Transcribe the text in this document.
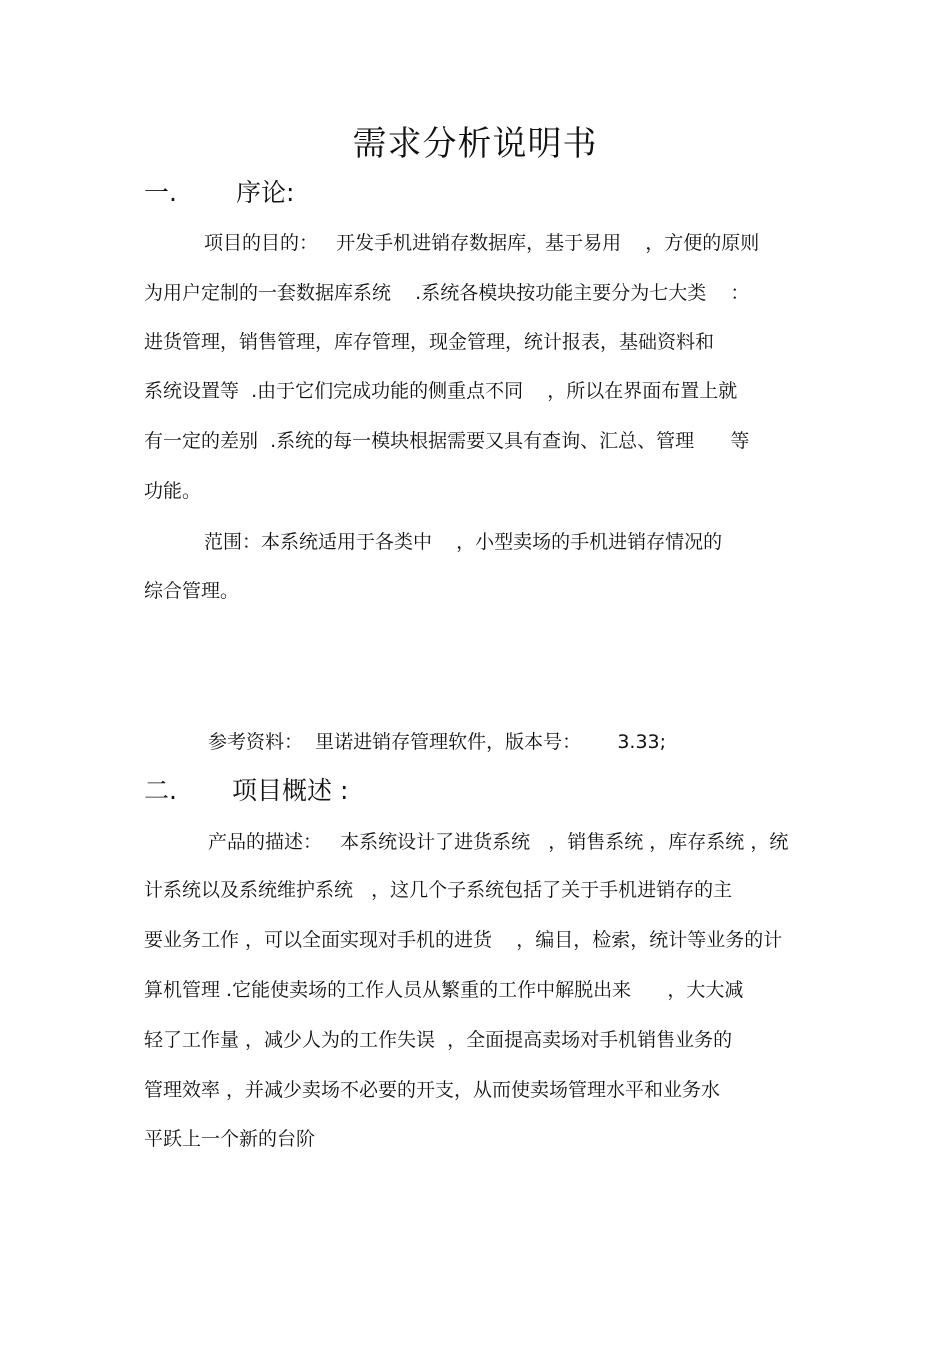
需求分析说明书
一. 序论:
项目的目的：   开发手机进销存数据库，基于易用    ，方便的原则
为用户定制的一套数据库系统    .系统各模块按功能主要分为七大类    ：
进货管理，销售管理，库存管理，现金管理，统计报表，基础资料和
系统设置等  .由于它们完成功能的侧重点不同    ，所以在界面布置上就
有一定的差别  .系统的每一模块根据需要又具有查询、汇总、管理      等
功能。
范围：本系统适用于各类中    ，小型卖场的手机进销存情况的
综合管理。
参考资料：  里诺进销存管理软件，版本号：      3.33;
二. 项目概述 :
产品的描述：   本系统设计了进货系统   ，销售系统 ，库存系统 ，统
计系统以及系统维护系统   ，这几个子系统包括了关于手机进销存的主
要业务工作 ，可以全面实现对手机的进货    ，编目，检索，统计等业务的计
算机管理 .它能使卖场的工作人员从繁重的工作中解脱出来      ，大大减
轻了工作量 ，减少人为的工作失误  ，全面提高卖场对手机销售业务的
管理效率 ，并减少卖场不必要的开支，从而使卖场管理水平和业务水
平跃上一个新的台阶
